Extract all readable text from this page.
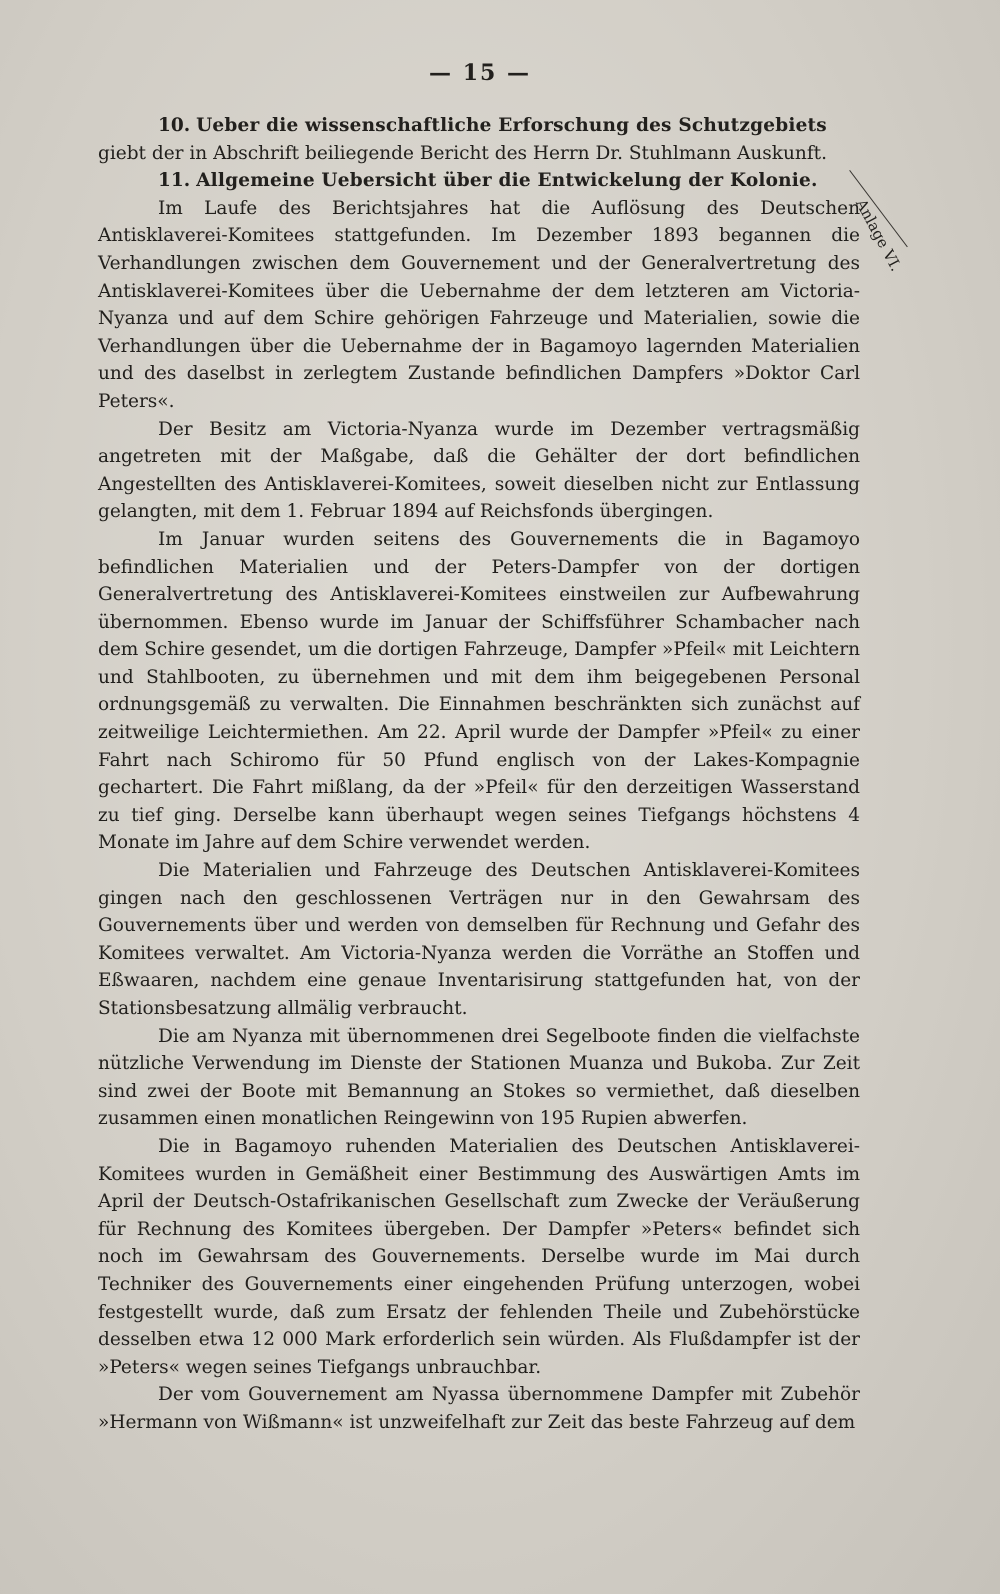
— 15 —
Anlage VI.

10. Ueber die wissenschaftliche Erforschung des Schutzgebiets

giebt der in Abschrift beiliegende Bericht des Herrn Dr. Stuhlmann Auskunft.

11. Allgemeine Uebersicht über die Entwickelung der Kolonie.

Im Laufe des Berichtsjahres hat die Auflösung des Deutschen Antisklaverei-Komitees stattgefunden. Im Dezember 1893 begannen die Verhandlungen zwischen dem Gouvernement und der Generalvertretung des Antisklaverei-Komitees über die Uebernahme der dem letzteren am Victoria-Nyanza und auf dem Schire gehörigen Fahrzeuge und Materialien, sowie die Verhandlungen über die Uebernahme der in Bagamoyo lagernden Materialien und des daselbst in zerlegtem Zustande befindlichen Dampfers »Doktor Carl Peters«.

Der Besitz am Victoria-Nyanza wurde im Dezember vertragsmäßig angetreten mit der Maßgabe, daß die Gehälter der dort befindlichen Angestellten des Antisklaverei-Komitees, soweit dieselben nicht zur Entlassung gelangten, mit dem 1. Februar 1894 auf Reichsfonds übergingen.

Im Januar wurden seitens des Gouvernements die in Bagamoyo befindlichen Materialien und der Peters-Dampfer von der dortigen Generalvertretung des Antisklaverei-Komitees einstweilen zur Aufbewahrung übernommen. Ebenso wurde im Januar der Schiffsführer Schambacher nach dem Schire gesendet, um die dortigen Fahrzeuge, Dampfer »Pfeil« mit Leichtern und Stahlbooten, zu übernehmen und mit dem ihm beigegebenen Personal ordnungsgemäß zu verwalten. Die Einnahmen beschränkten sich zunächst auf zeitweilige Leichtermiethen. Am 22. April wurde der Dampfer »Pfeil« zu einer Fahrt nach Schiromo für 50 Pfund englisch von der Lakes-Kompagnie gechartert. Die Fahrt mißlang, da der »Pfeil« für den derzeitigen Wasserstand zu tief ging. Derselbe kann überhaupt wegen seines Tiefgangs höchstens 4 Monate im Jahre auf dem Schire verwendet werden.

Die Materialien und Fahrzeuge des Deutschen Antisklaverei-Komitees gingen nach den geschlossenen Verträgen nur in den Gewahrsam des Gouvernements über und werden von demselben für Rechnung und Gefahr des Komitees verwaltet. Am Victoria-Nyanza werden die Vorräthe an Stoffen und Eßwaaren, nachdem eine genaue Inventarisirung stattgefunden hat, von der Stationsbesatzung allmälig verbraucht.

Die am Nyanza mit übernommenen drei Segelboote finden die vielfachste nützliche Verwendung im Dienste der Stationen Muanza und Bukoba. Zur Zeit sind zwei der Boote mit Bemannung an Stokes so vermiethet, daß dieselben zusammen einen monatlichen Reingewinn von 195 Rupien abwerfen.

Die in Bagamoyo ruhenden Materialien des Deutschen Antisklaverei-Komitees wurden in Gemäßheit einer Bestimmung des Auswärtigen Amts im April der Deutsch-Ostafrikanischen Gesellschaft zum Zwecke der Veräußerung für Rechnung des Komitees übergeben. Der Dampfer »Peters« befindet sich noch im Gewahrsam des Gouvernements. Derselbe wurde im Mai durch Techniker des Gouvernements einer eingehenden Prüfung unterzogen, wobei festgestellt wurde, daß zum Ersatz der fehlenden Theile und Zubehörstücke desselben etwa 12 000 Mark erforderlich sein würden. Als Flußdampfer ist der »Peters« wegen seines Tiefgangs unbrauchbar.

Der vom Gouvernement am Nyassa übernommene Dampfer mit Zubehör »Hermann von Wißmann« ist unzweifelhaft zur Zeit das beste Fahrzeug auf dem
